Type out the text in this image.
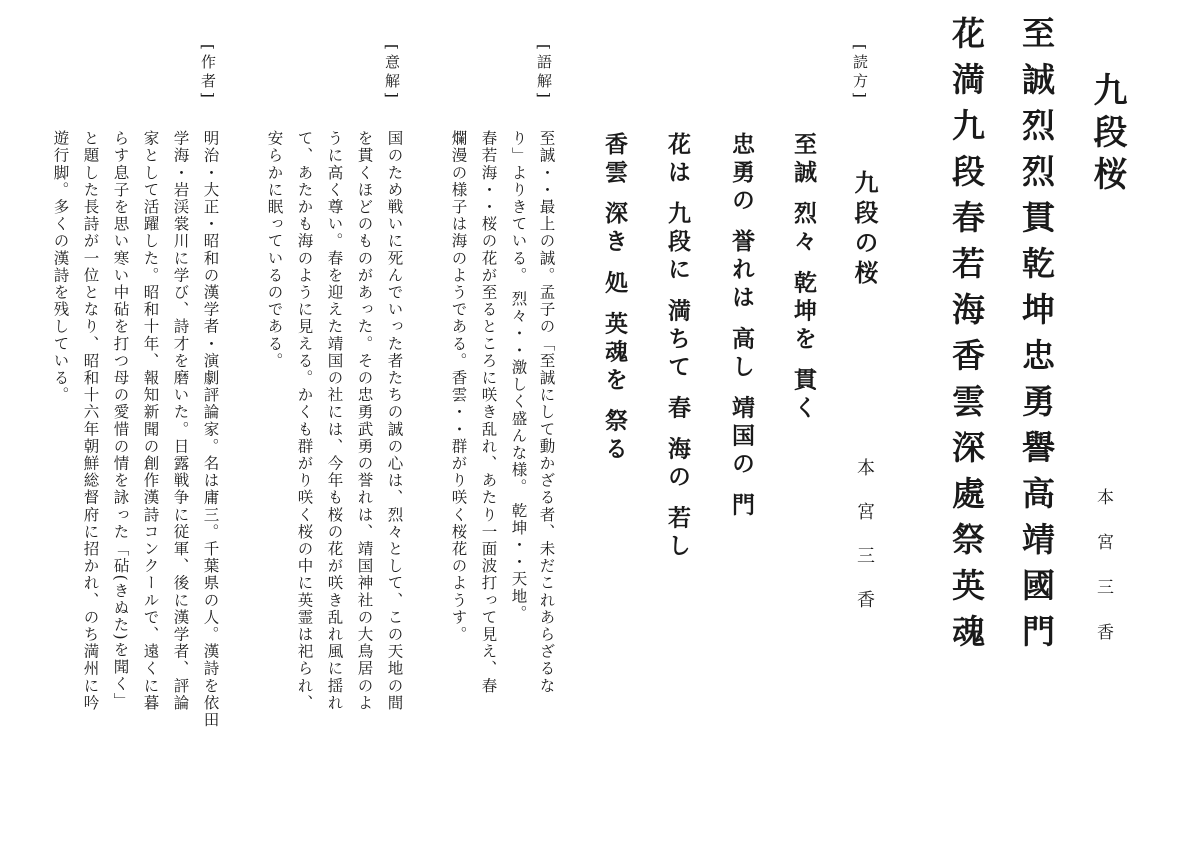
九段桜
本宮三香
至誠烈烈貫乾坤忠勇譽高靖國門
花満九段春若海香雲深處祭英魂
[読方]
九段の桜
本宮三香
至誠 烈々 乾坤を 貫く
忠勇の 誉れは 高し 靖国の 門
花は 九段に 満ちて 春 海の 若し
香雲 深き 処 英魂を 祭る
[語解]
至誠・・最上の誠。孟子の「至誠にして動かざる者、未だこれあらざるな
り」よりきている。 烈々・・激しく盛んな様。 乾坤・・天地。
春若海・・桜の花が至るところに咲き乱れ、あたり一面波打って見え、春
爛漫の様子は海のようである。香雲・・群がり咲く桜花のようす。
[意解]
国のため戦いに死んでいった者たちの誠の心は、烈々として、この天地の間
を貫くほどのものがあった。その忠勇武勇の誉れは、靖国神社の大鳥居のよ
うに高く尊い。春を迎えた靖国の社には、今年も桜の花が咲き乱れ風に揺れ
て、あたかも海のように見える。かくも群がり咲く桜の中に英霊は祀られ、
安らかに眠っているのである。
[作者]
明治・大正・昭和の漢学者・演劇評論家。名は庸三。千葉県の人。漢詩を依田
学海・岩渓裳川に学び、詩才を磨いた。日露戦争に従軍、後に漢学者、評論
家として活躍した。昭和十年、報知新聞の創作漢詩コンクールで、遠くに暮
らす息子を思い寒い中砧を打つ母の愛惜の情を詠った「砧(きぬた)を聞く」
と題した長詩が一位となり、昭和十六年朝鮮総督府に招かれ、のち満州に吟
遊行脚。多くの漢詩を残している。
